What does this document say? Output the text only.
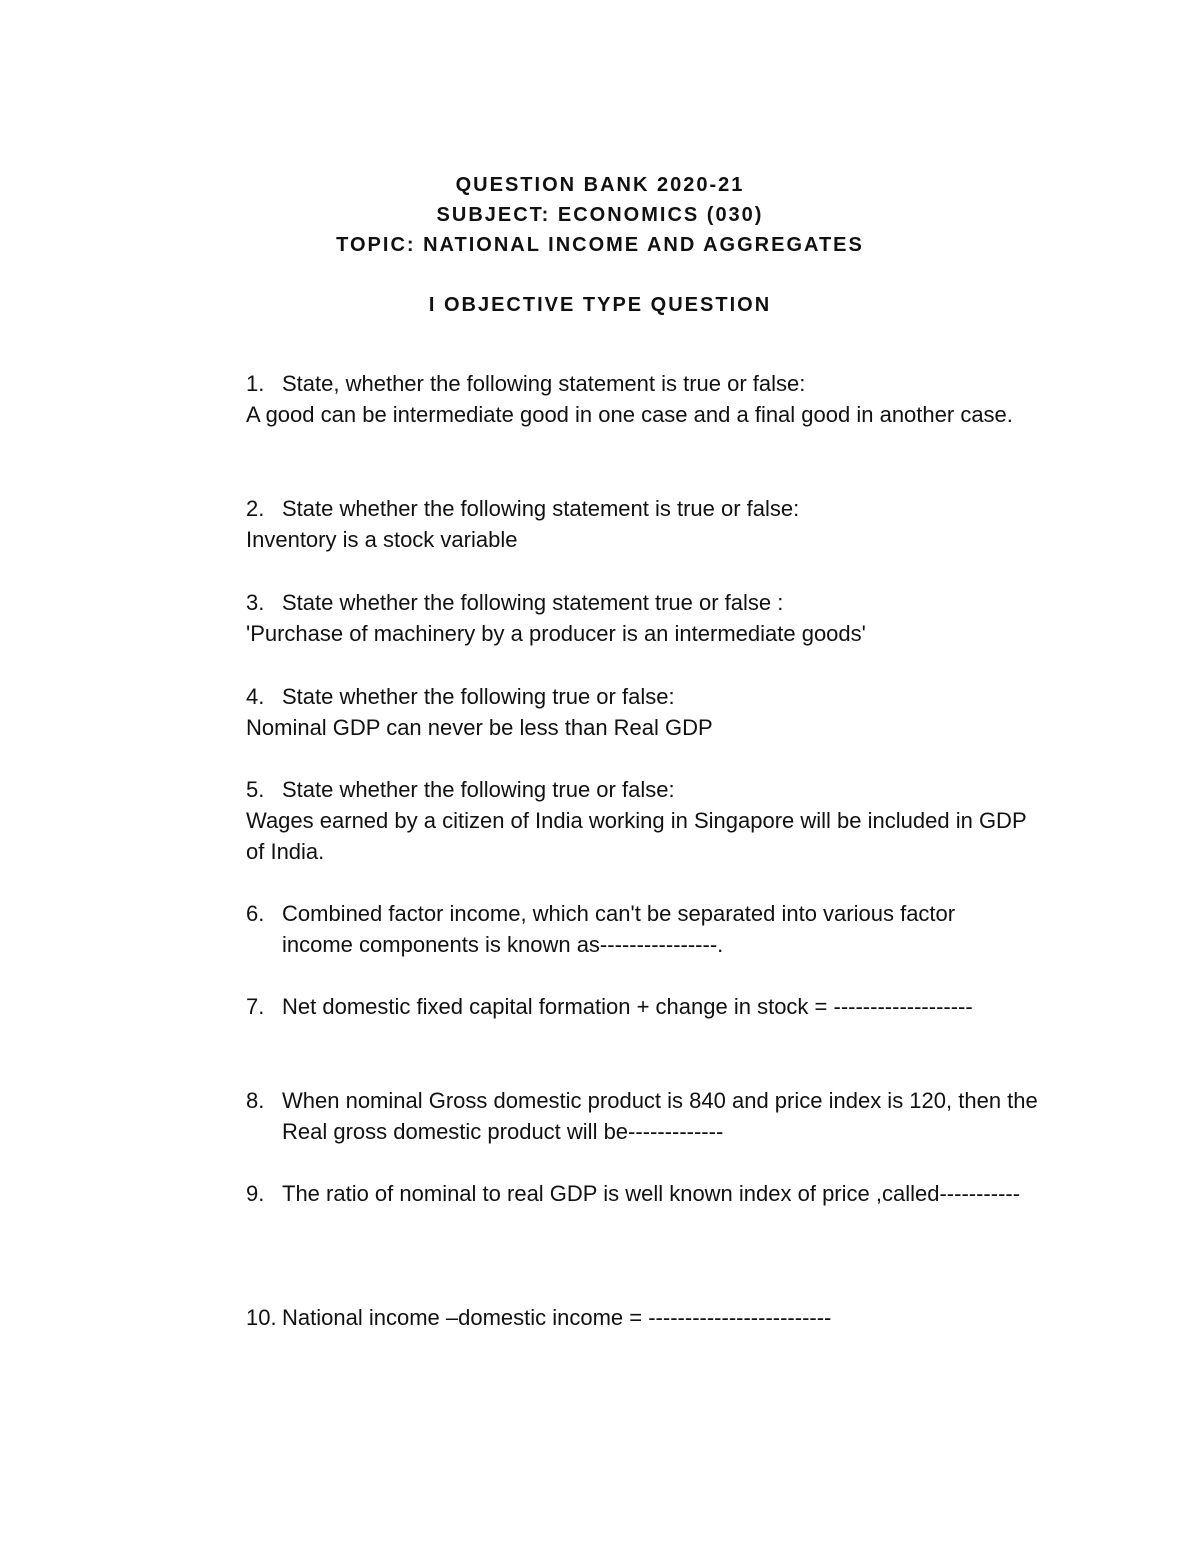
QUESTION BANK 2020-21
SUBJECT: ECONOMICS (030)
TOPIC: NATIONAL INCOME AND AGGREGATES
I OBJECTIVE TYPE QUESTION
1. State, whether the following statement is true or false:
A good can be intermediate good in one case and a final good in another case.
2. State whether the following statement is true or false:
Inventory is a stock variable
3. State whether the following statement true or false :
'Purchase of machinery by a producer is an intermediate goods'
4. State whether the following true or false:
Nominal GDP can never be less than Real GDP
5. State whether the following true or false:
Wages earned by a citizen of India working in Singapore will be included in GDP of India.
6. Combined factor income, which can't be separated into various factor income components is known as----------------.
7. Net domestic fixed capital formation + change in stock = -------------------
8. When nominal Gross domestic product is 840 and price index is 120, then the Real gross domestic product will be-------------
9. The ratio of nominal to real GDP is well known index of price ,called-----------
10. National income –domestic income = -------------------------
